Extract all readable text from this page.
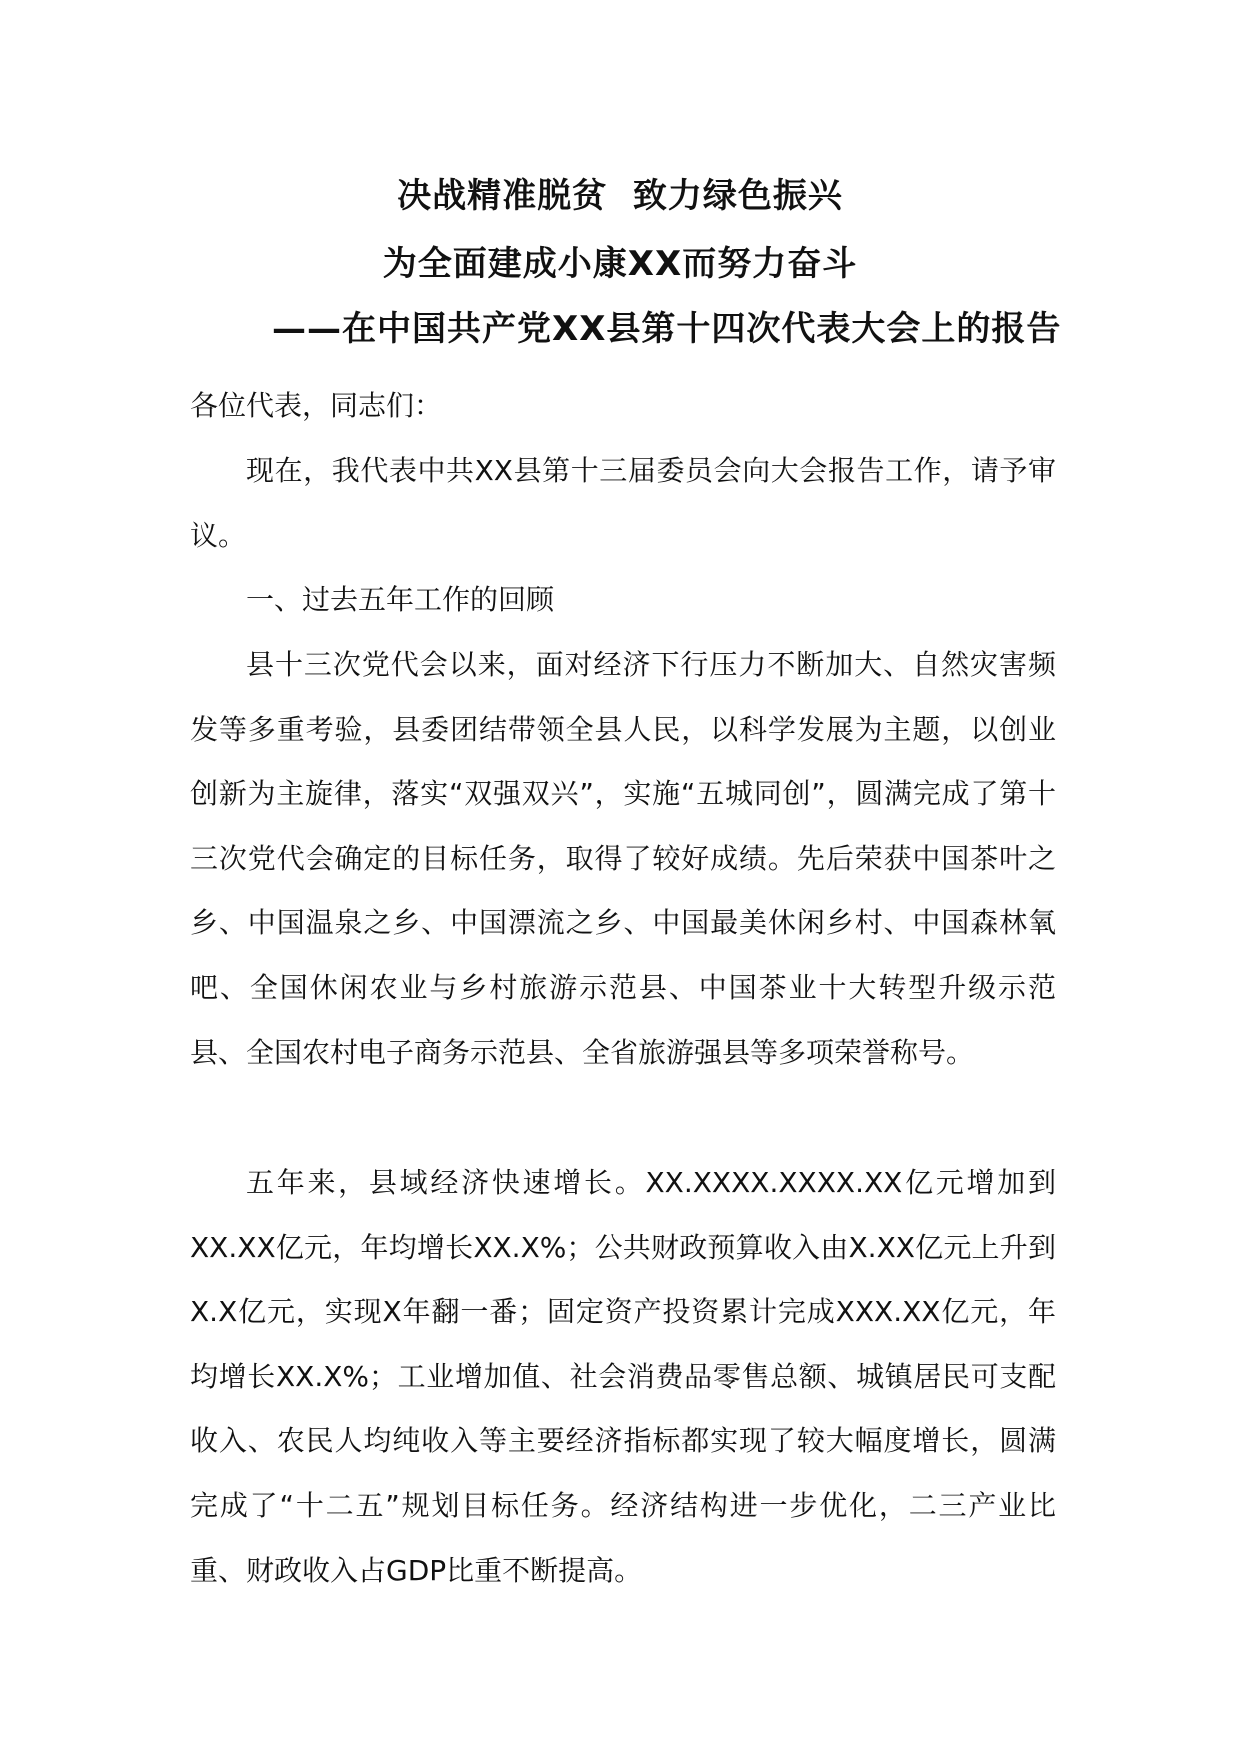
决战精准脱贫  致力绿色振兴
为全面建成小康XX而努力奋斗
——在中国共产党XX县第十四次代表大会上的报告
各位代表，同志们：
现在，我代表中共XX县第十三届委员会向大会报告工作，请予审议。
一、过去五年工作的回顾
县十三次党代会以来，面对经济下行压力不断加大、自然灾害频发等多重考验，县委团结带领全县人民，以科学发展为主题，以创业创新为主旋律，落实“双强双兴”，实施“五城同创”，圆满完成了第十三次党代会确定的目标任务，取得了较好成绩。先后荣获中国茶叶之乡、中国温泉之乡、中国漂流之乡、中国最美休闲乡村、中国森林氧吧、全国休闲农业与乡村旅游示范县、中国茶业十大转型升级示范县、全国农村电子商务示范县、全省旅游强县等多项荣誉称号。
五年来，县域经济快速增长。XX.XXXX.XXXX.XX亿元增加到XX.XX亿元，年均增长XX.X%；公共财政预算收入由X.XX亿元上升到X.X亿元，实现X年翻一番；固定资产投资累计完成XXX.XX亿元，年均增长XX.X%；工业增加值、社会消费品零售总额、城镇居民可支配收入、农民人均纯收入等主要经济指标都实现了较大幅度增长，圆满完成了“十二五”规划目标任务。经济结构进一步优化，二三产业比重、财政收入占GDP比重不断提高。
